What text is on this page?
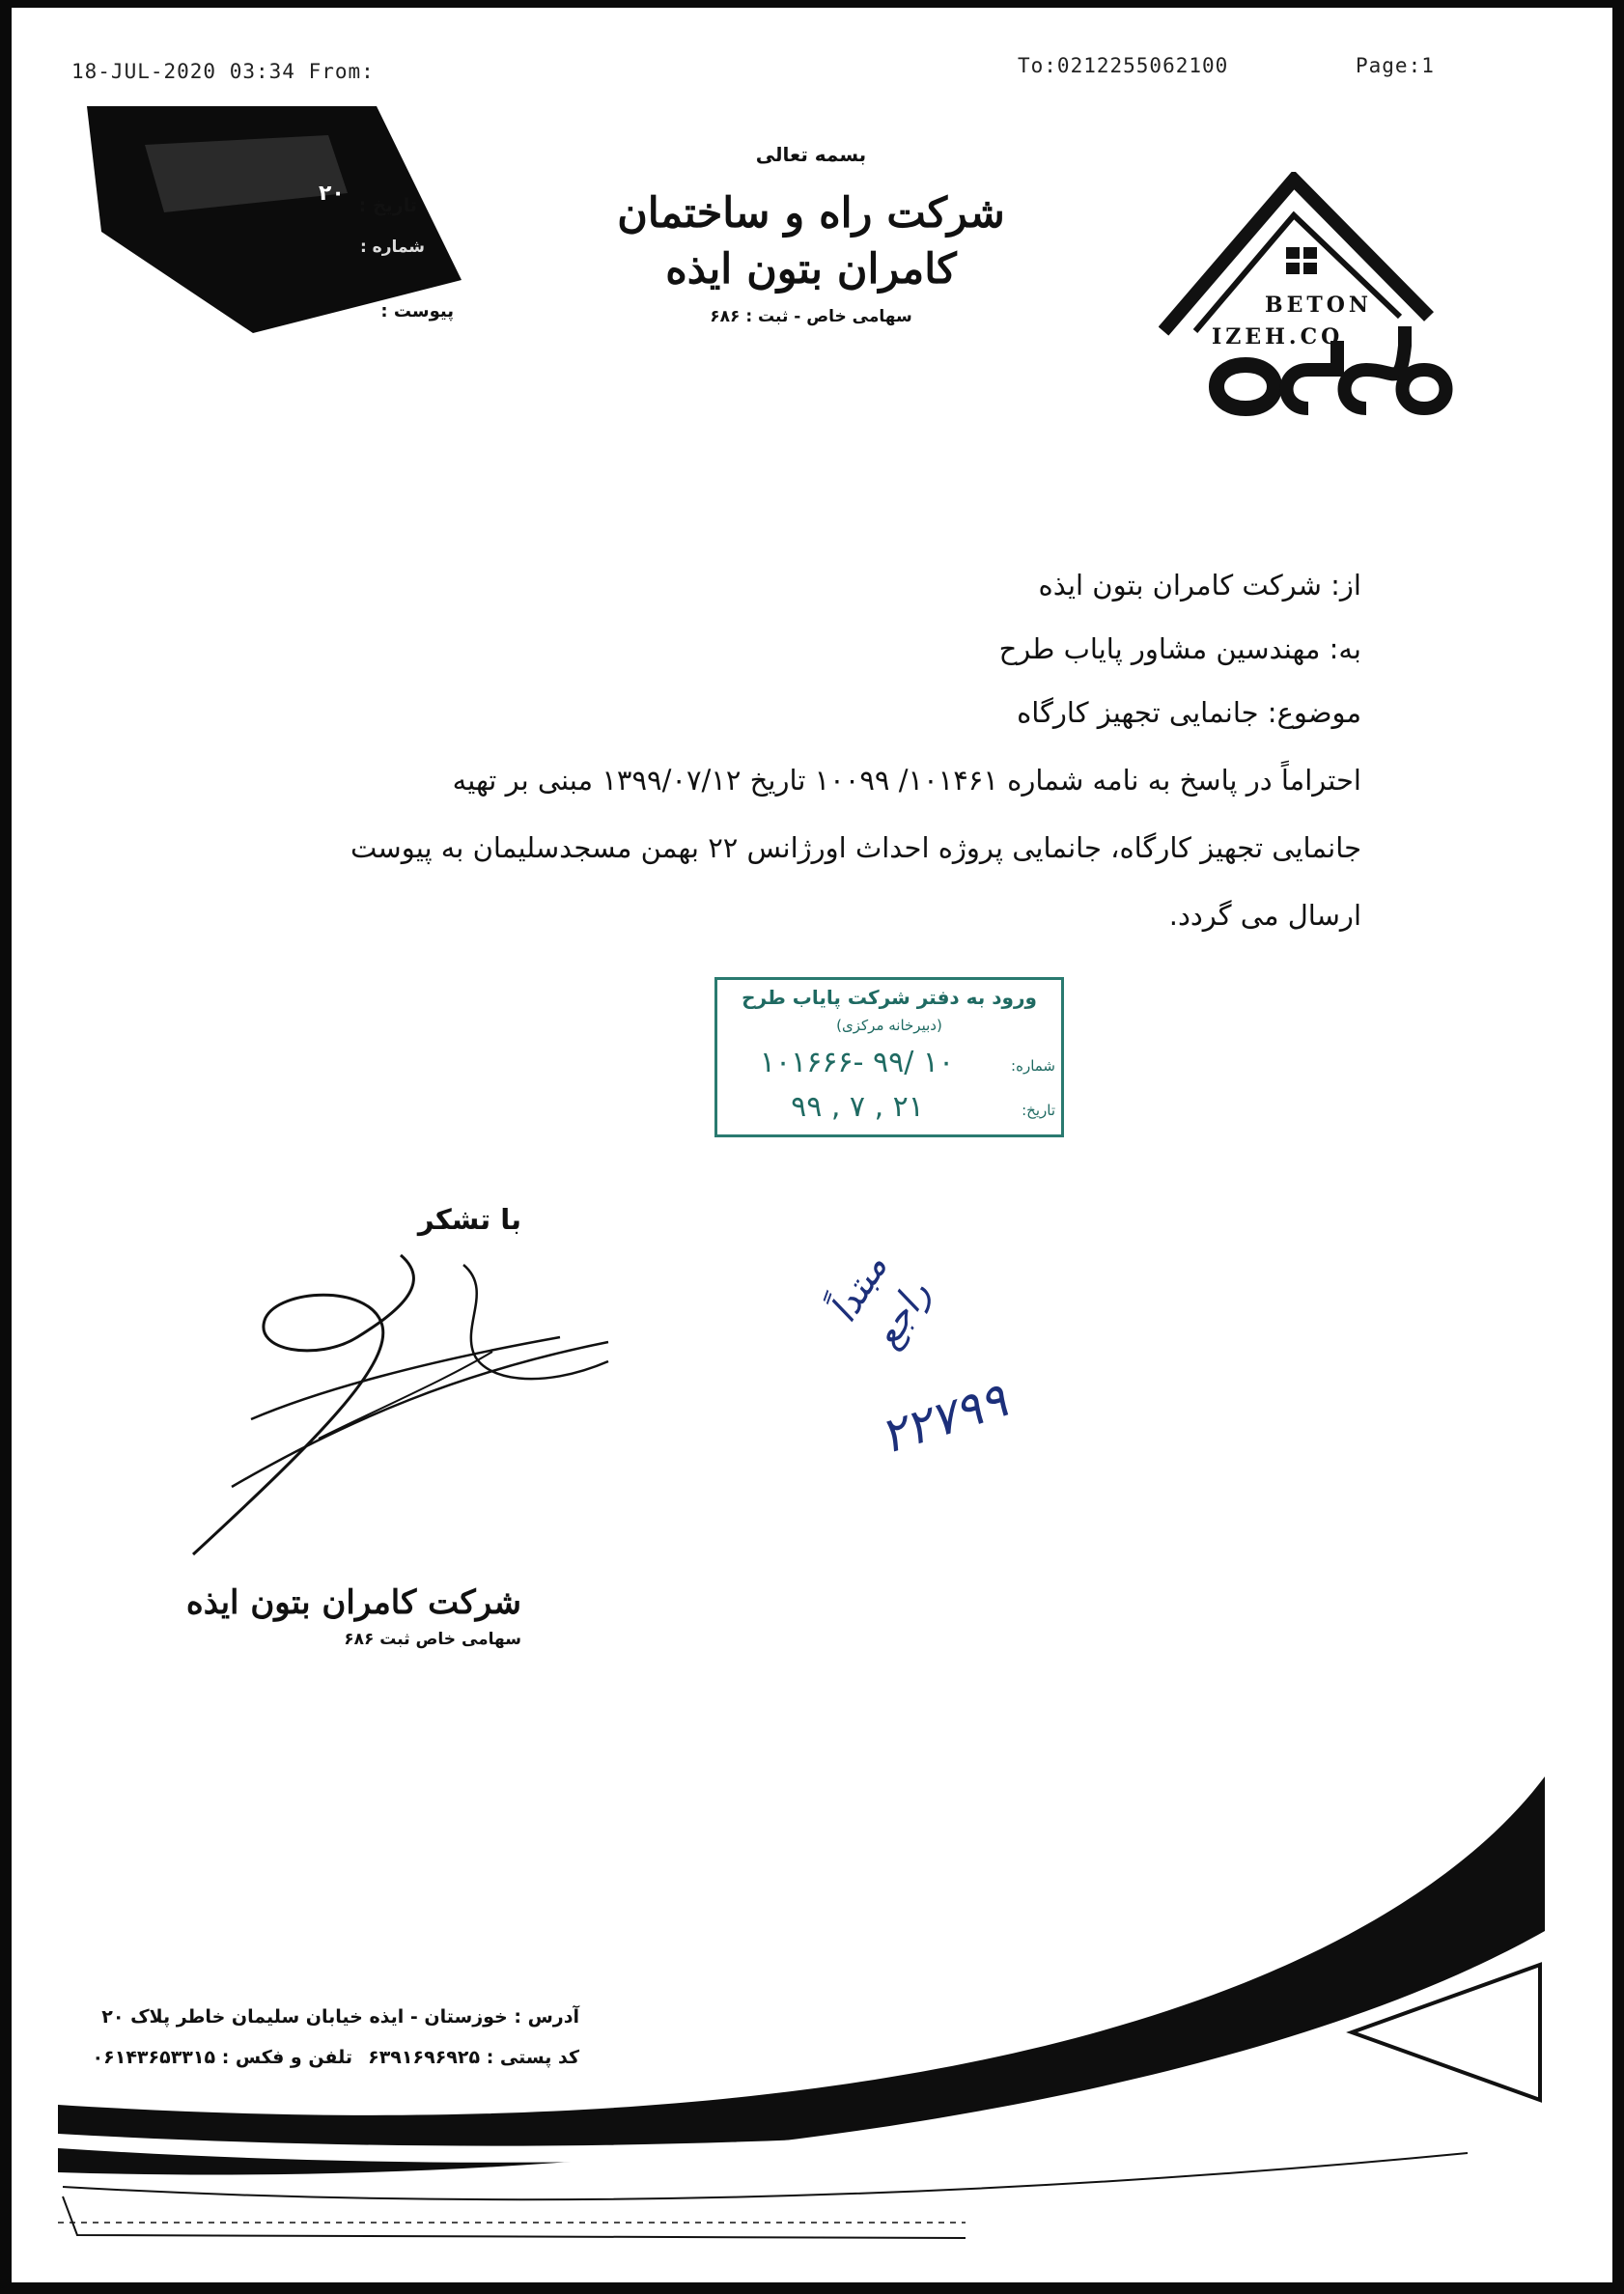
18-JUL-2020 03:34 From:	To:0212255062100	Page:1
تاریخ :
۲۰
شماره :
پیوست :
بسمه تعالی
شرکت راه و ساختمان
کامران بتون ایذه
سهامی خاص - ثبت : ۶۸۶	BETON
IZEH.CO
از: شرکت کامران بتون ایذه
به: مهندسین مشاور پایاب طرح
موضوع: جانمایی تجهیز کارگاه
احتراماً در پاسخ به نامه شماره ۱۰۱۴۶۱/ ۱۰۰۹۹ تاریخ ۱۳۹۹/۰۷/۱۲ مبنی بر تهیه
جانمایی تجهیز کارگاه، جانمایی پروژه احداث اورژانس ۲۲ بهمن مسجدسلیمان به پیوست
ارسال می گردد.
ورود به دفتر شرکت پایاب طرح
(دبیرخانه مرکزی)
شماره:
۱۰۱۶۶۶- ۹۹/ ۱۰
تاریخ:
۹۹ , ۷ , ۲۱
با تشکر
مبتداً
راجع
۲۲۷۹۹
شرکت کامران بتون ایذه
سهامی خاص ثبت ۶۸۶
آدرس : خوزستان - ایذه خیابان سلیمان خاطر پلاک ۲۰
کد پستی : ۶۳۹۱۶۹۶۹۲۵
تلفن و فکس : ۰۶۱۴۳۶۵۳۳۱۵
